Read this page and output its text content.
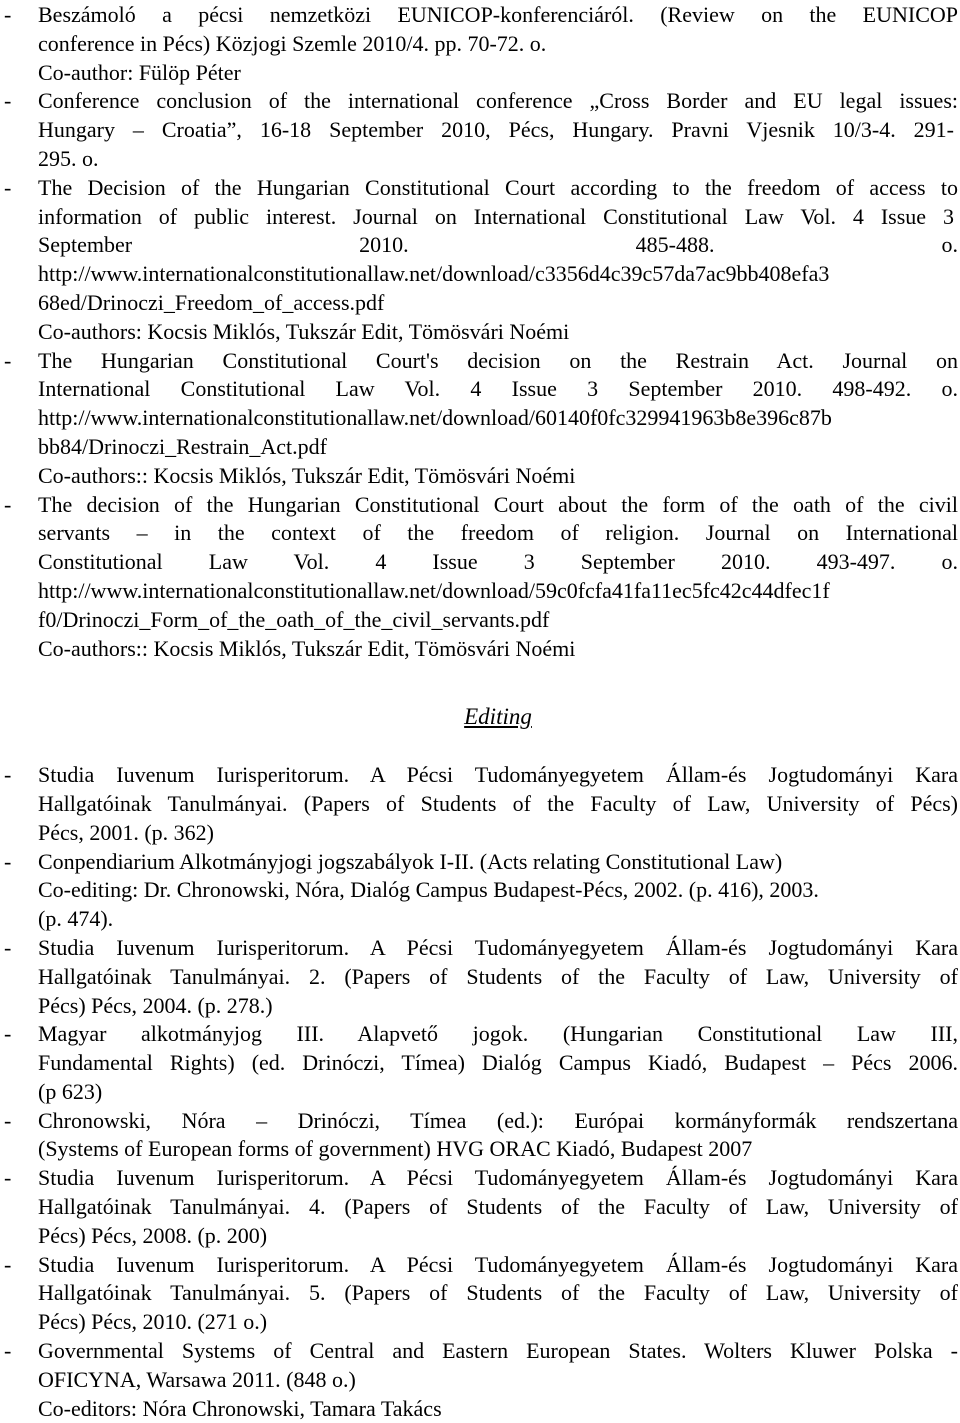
- Beszámoló a pécsi nemzetközi EUNICOP-konferenciáról. (Review on the EUNICOP
conference in Pécs) Közjogi Szemle 2010/4. pp. 70-72. o.
Co-author: Fülöp Péter
- Conference conclusion of the international conference „Cross Border and EU legal issues:
Hungary – Croatia”, 16-18 September 2010, Pécs, Hungary. Pravni Vjesnik 10/3-4. 291-
295. o.
- The Decision of the Hungarian Constitutional Court according to the freedom of access to
information of public interest. Journal on International Constitutional Law Vol. 4 Issue 3
September 2010. 485-488. o.
http://www.internationalconstitutionallaw.net/download/c3356d4c39c57da7ac9bb408efa3
68ed/Drinoczi_Freedom_of_access.pdf
Co-authors: Kocsis Miklós, Tukszár Edit, Tömösvári Noémi
- The Hungarian Constitutional Court's decision on the Restrain Act. Journal on
International Constitutional Law Vol. 4 Issue 3 September 2010. 498-492. o.
http://www.internationalconstitutionallaw.net/download/60140f0fc329941963b8e396c87b
bb84/Drinoczi_Restrain_Act.pdf
Co-authors:: Kocsis Miklós, Tukszár Edit, Tömösvári Noémi
- The decision of the Hungarian Constitutional Court about the form of the oath of the civil
servants – in the context of the freedom of religion. Journal on International
Constitutional Law Vol. 4 Issue 3 September 2010. 493-497. o.
http://www.internationalconstitutionallaw.net/download/59c0fcfa41fa11ec5fc42c44dfec1f
f0/Drinoczi_Form_of_the_oath_of_the_civil_servants.pdf
Co-authors:: Kocsis Miklós, Tukszár Edit, Tömösvári Noémi
Editing
- Studia Iuvenum Iurisperitorum. A Pécsi Tudományegyetem Állam-és Jogtudományi Kara
Hallgatóinak Tanulmányai. (Papers of Students of the Faculty of Law, University of Pécs)
Pécs, 2001. (p. 362)
- Conpendiarium Alkotmányjogi jogszabályok I-II. (Acts relating Constitutional Law)
Co-editing: Dr. Chronowski, Nóra, Dialóg Campus Budapest-Pécs, 2002. (p. 416), 2003.
(p. 474).
- Studia Iuvenum Iurisperitorum. A Pécsi Tudományegyetem Állam-és Jogtudományi Kara
Hallgatóinak Tanulmányai. 2. (Papers of Students of the Faculty of Law, University of
Pécs) Pécs, 2004. (p. 278.)
- Magyar alkotmányjog III. Alapvető jogok. (Hungarian Constitutional Law III,
Fundamental Rights) (ed. Drinóczi, Tímea) Dialóg Campus Kiadó, Budapest – Pécs 2006.
(p 623)
- Chronowski, Nóra – Drinóczi, Tímea (ed.): Európai kormányformák rendszertana
(Systems of European forms of government) HVG ORAC Kiadó, Budapest 2007
- Studia Iuvenum Iurisperitorum. A Pécsi Tudományegyetem Állam-és Jogtudományi Kara
Hallgatóinak Tanulmányai. 4. (Papers of Students of the Faculty of Law, University of
Pécs) Pécs, 2008. (p. 200)
- Studia Iuvenum Iurisperitorum. A Pécsi Tudományegyetem Állam-és Jogtudományi Kara
Hallgatóinak Tanulmányai. 5. (Papers of Students of the Faculty of Law, University of
Pécs) Pécs, 2010. (271 o.)
- Governmental Systems of Central and Eastern European States. Wolters Kluwer Polska -
OFICYNA, Warsawa 2011. (848 o.)
Co-editors: Nóra Chronowski, Tamara Takács
